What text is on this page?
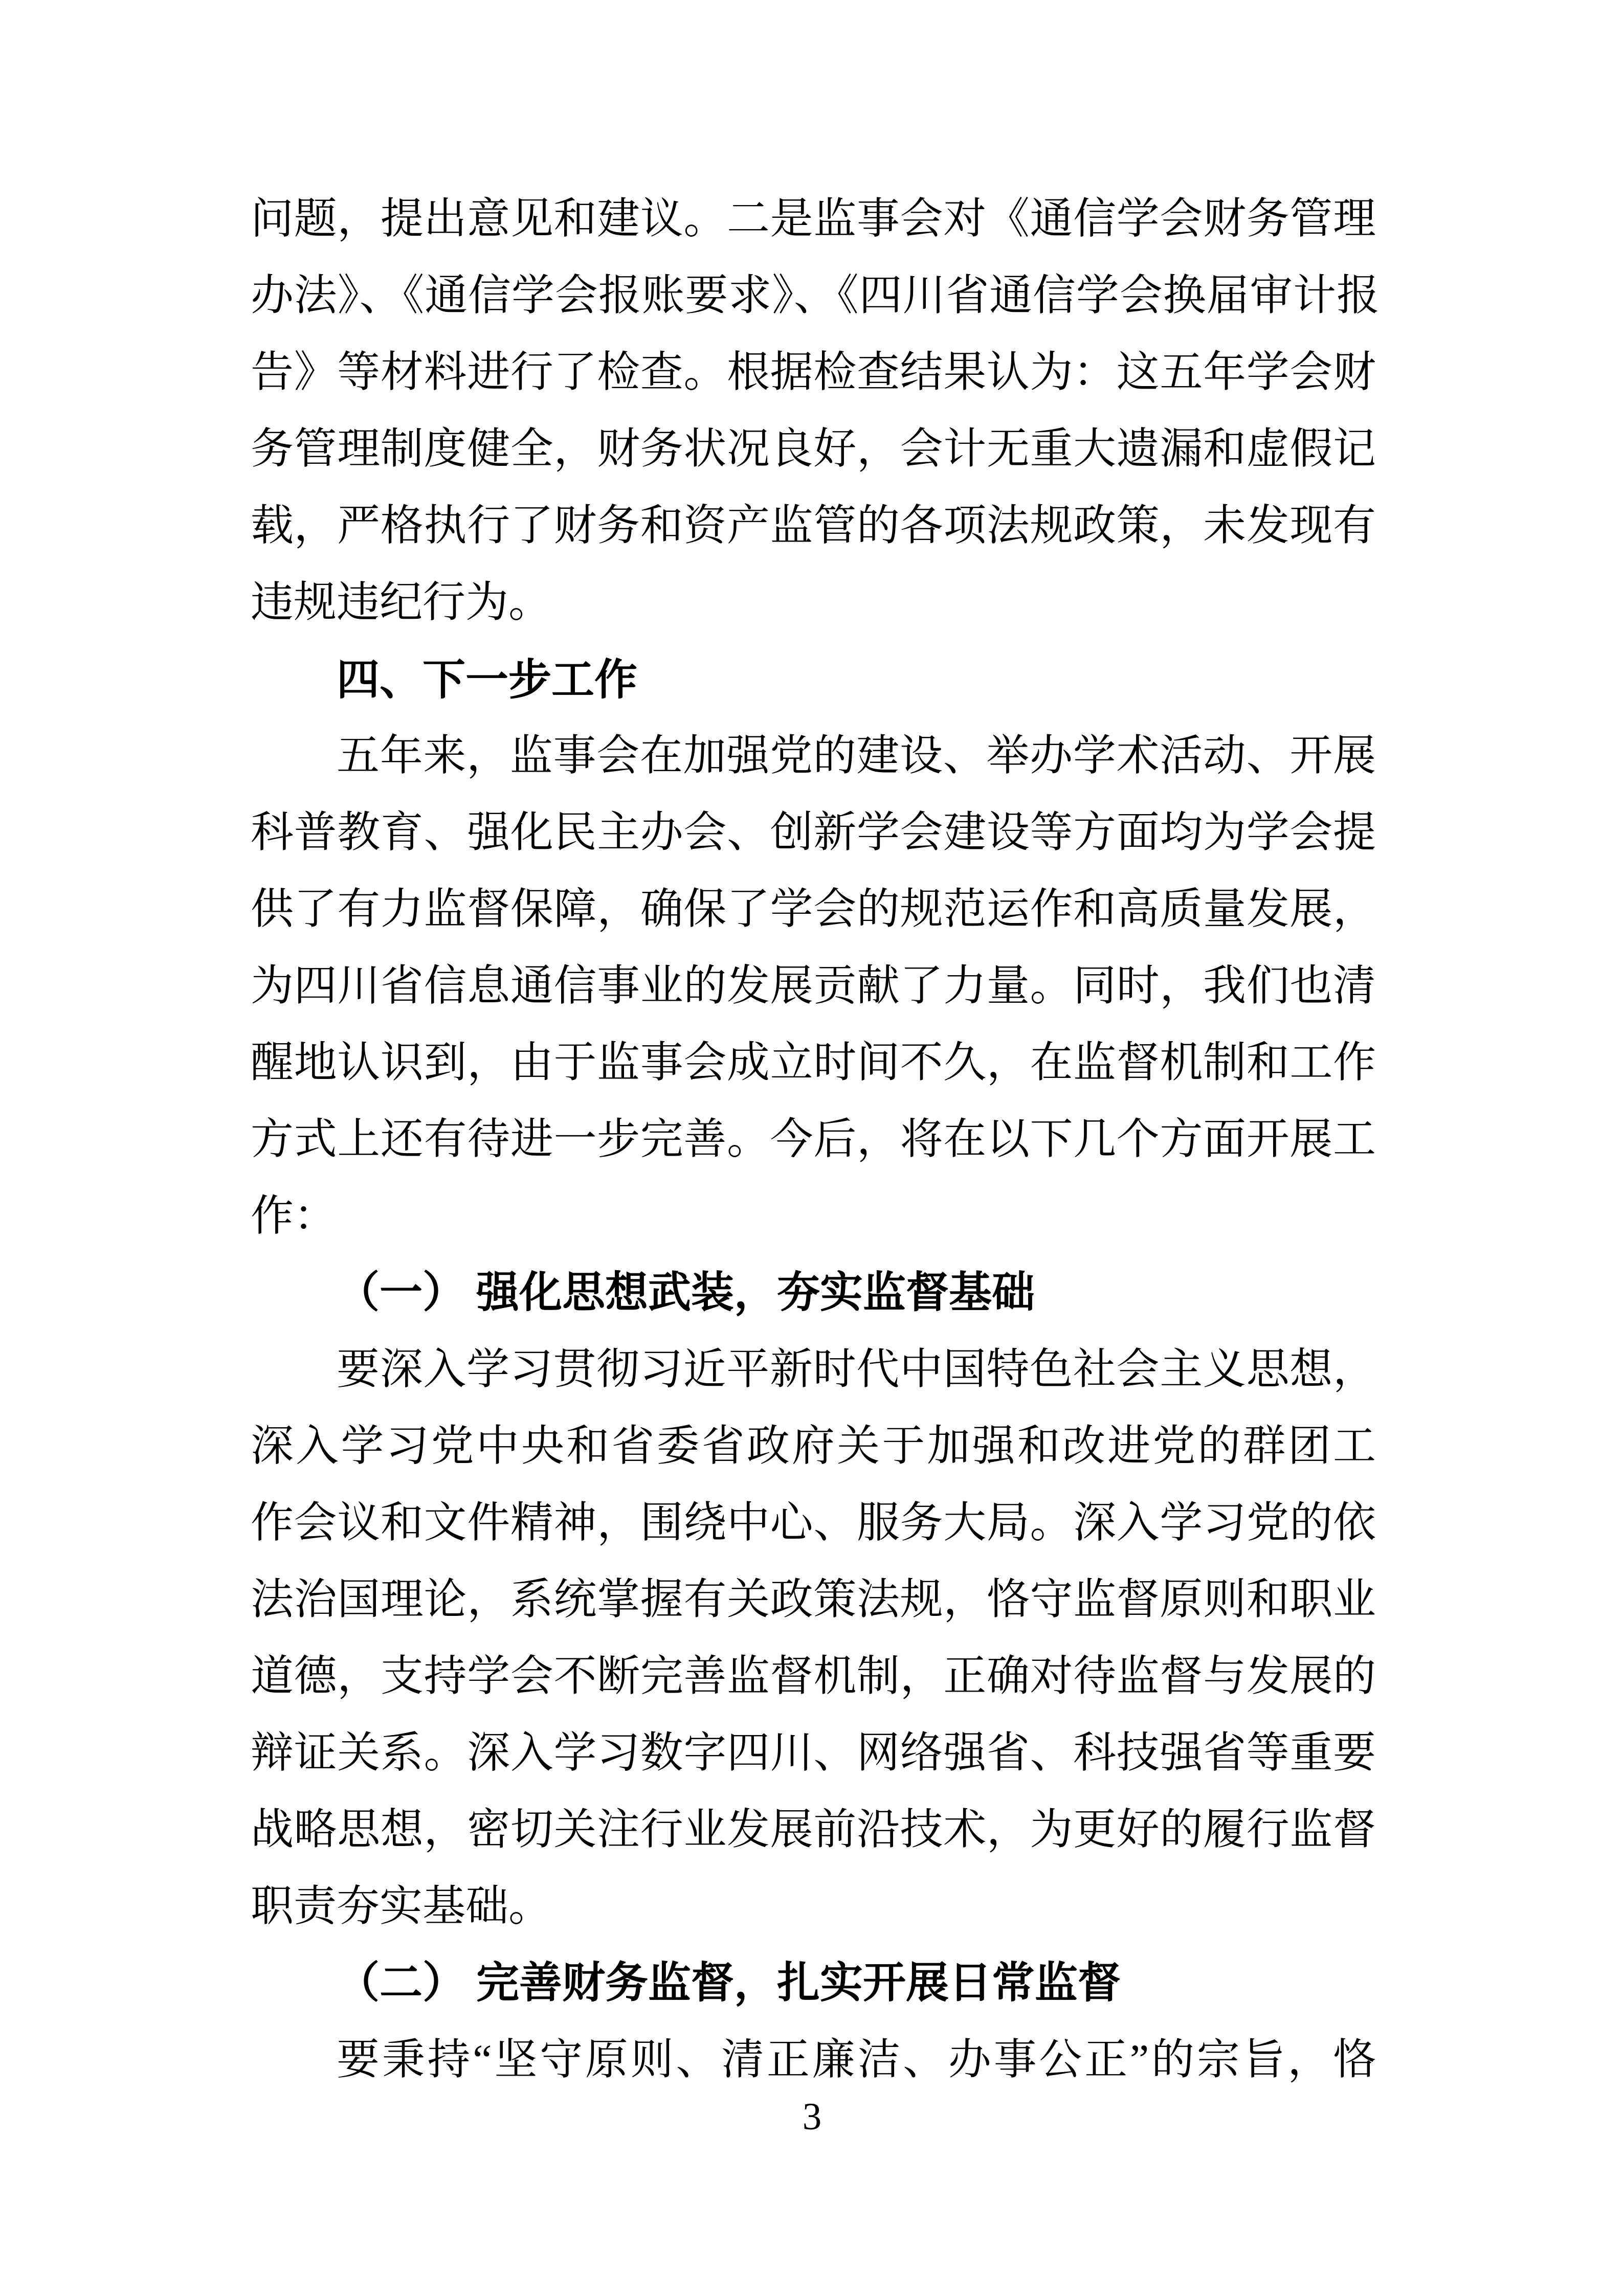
问题，提出意见和建议。二是监事会对《通信学会财务管理
办法》、《通信学会报账要求》、《四川省通信学会换届审计报
告》等材料进行了检查。根据检查结果认为：这五年学会财
务管理制度健全，财务状况良好，会计无重大遗漏和虚假记
载，严格执行了财务和资产监管的各项法规政策，未发现有
违规违纪行为。
四、下一步工作
五年来，监事会在加强党的建设、举办学术活动、开展
科普教育、强化民主办会、创新学会建设等方面均为学会提
供了有力监督保障，确保了学会的规范运作和高质量发展，
为四川省信息通信事业的发展贡献了力量。同时，我们也清
醒地认识到，由于监事会成立时间不久，在监督机制和工作
方式上还有待进一步完善。今后，将在以下几个方面开展工
作：
（一） 强化思想武装，夯实监督基础
要深入学习贯彻习近平新时代中国特色社会主义思想，
深入学习党中央和省委省政府关于加强和改进党的群团工
作会议和文件精神，围绕中心、服务大局。深入学习党的依
法治国理论，系统掌握有关政策法规，恪守监督原则和职业
道德，支持学会不断完善监督机制，正确对待监督与发展的
辩证关系。深入学习数字四川、网络强省、科技强省等重要
战略思想，密切关注行业发展前沿技术，为更好的履行监督
职责夯实基础。
（二） 完善财务监督，扎实开展日常监督
要秉持“坚守原则、清正廉洁、办事公正”的宗旨，恪
3
